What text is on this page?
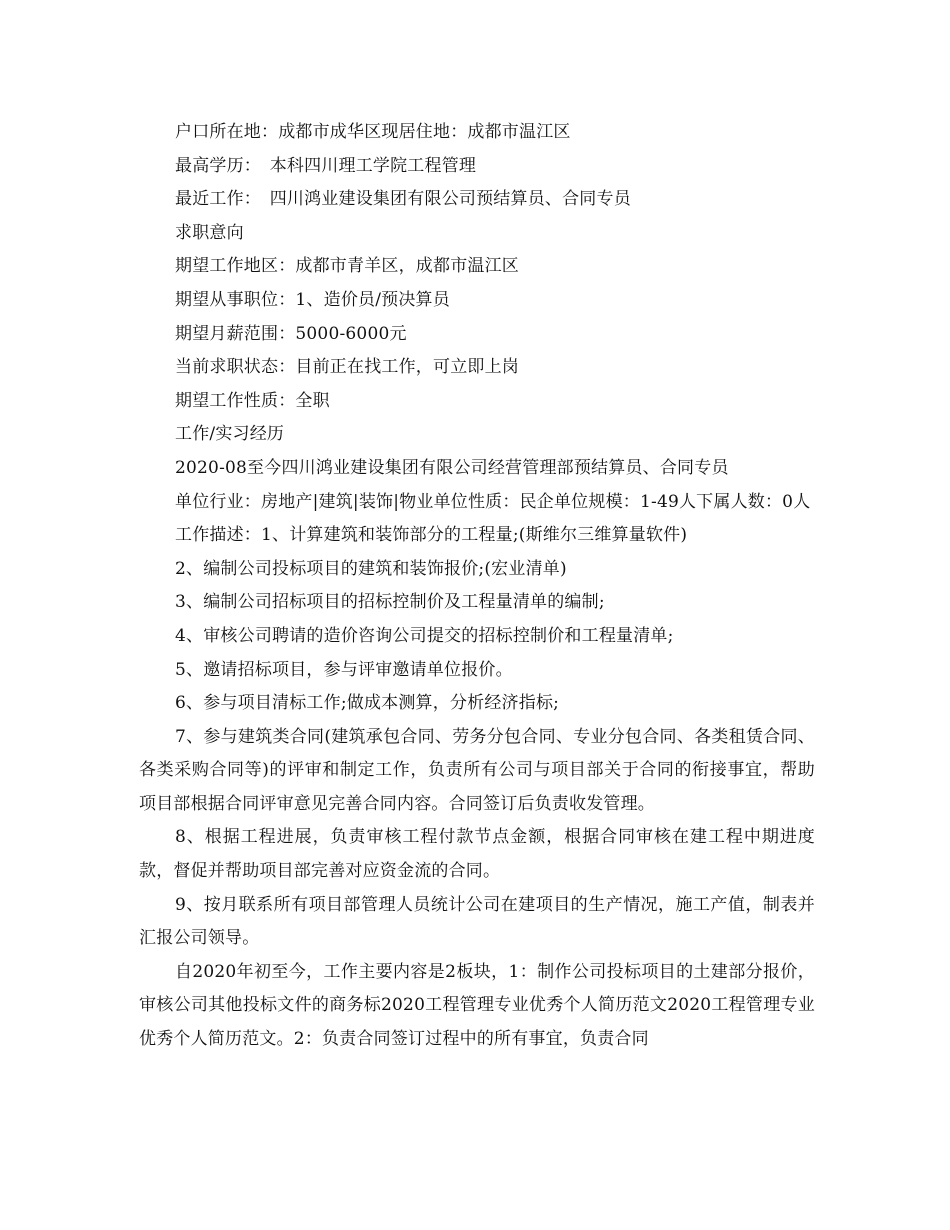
户口所在地：成都市成华区现居住地：成都市温江区

最高学历：　本科四川理工学院工程管理

最近工作：　四川鸿业建设集团有限公司预结算员、合同专员

求职意向

期望工作地区：成都市青羊区，成都市温江区

期望从事职位：1、造价员/预决算员

期望月薪范围：5000-6000元

当前求职状态：目前正在找工作，可立即上岗

期望工作性质：全职

工作/实习经历

2020-08至今四川鸿业建设集团有限公司经营管理部预结算员、合同专员

单位行业：房地产|建筑|装饰|物业单位性质：民企单位规模：1-49人下属人数：0人

工作描述：1、计算建筑和装饰部分的工程量;(斯维尔三维算量软件)

2、编制公司投标项目的建筑和装饰报价;(宏业清单)

3、编制公司招标项目的招标控制价及工程量清单的编制;

4、审核公司聘请的造价咨询公司提交的招标控制价和工程量清单;

5、邀请招标项目，参与评审邀请单位报价。

6、参与项目清标工作;做成本测算，分析经济指标;

7、参与建筑类合同(建筑承包合同、劳务分包合同、专业分包合同、各类租赁合同、各类采购合同等)的评审和制定工作，负责所有公司与项目部关于合同的衔接事宜，帮助项目部根据合同评审意见完善合同内容。合同签订后负责收发管理。

8、根据工程进展，负责审核工程付款节点金额，根据合同审核在建工程中期进度款，督促并帮助项目部完善对应资金流的合同。

9、按月联系所有项目部管理人员统计公司在建项目的生产情况，施工产值，制表并汇报公司领导。

自2020年初至今，工作主要内容是2板块，1：制作公司投标项目的土建部分报价，审核公司其他投标文件的商务标2020工程管理专业优秀个人简历范文2020工程管理专业优秀个人简历范文。2：负责合同签订过程中的所有事宜，负责合同
